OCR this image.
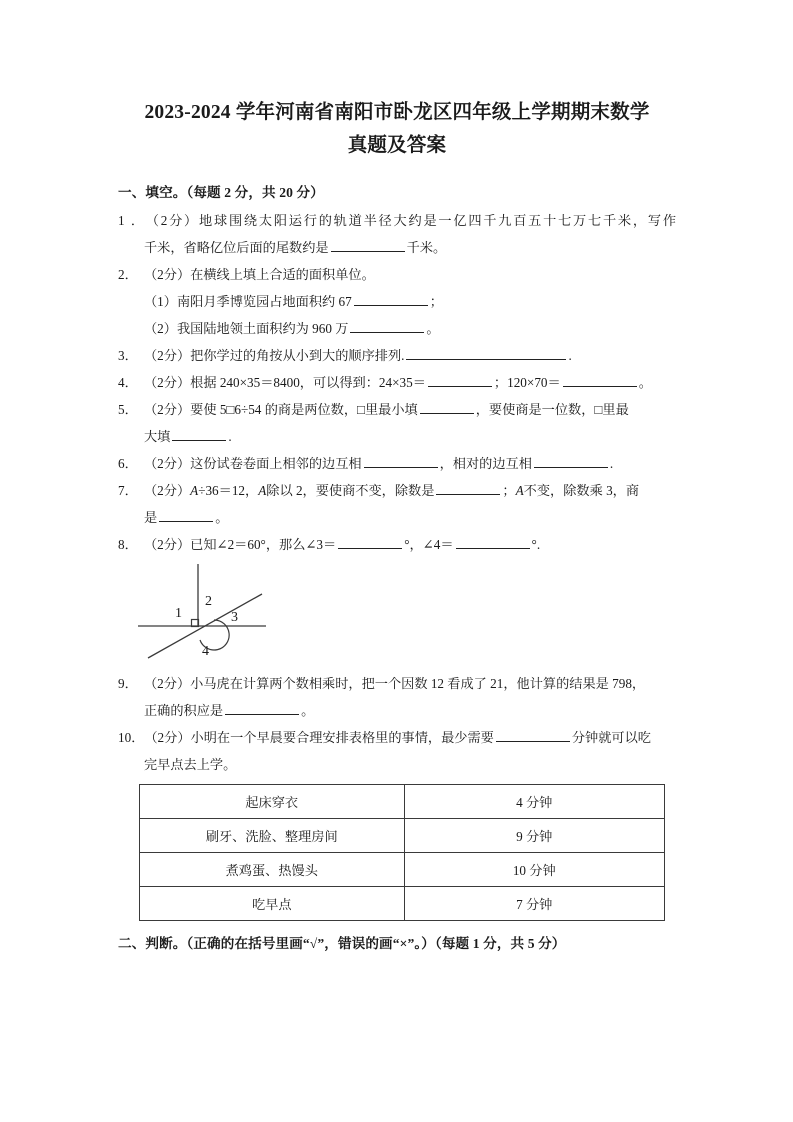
2023-2024 学年河南省南阳市卧龙区四年级上学期期末数学
真题及答案
一、填空。（每题 2 分，共 20 分）
1．（2分）地球围绕太阳运行的轨道半径大约是一亿四千九百五十七万七千米，写作
千米，省略亿位后面的尾数约是	千米。
2． （2分）在横线上填上合适的面积单位。
（1）南阳月季博览园占地面积约 67	；
（2）我国陆地领土面积约为 960 万	。
3． （2分）把你学过的角按从小到大的顺序排列.	.
4． （2分）根据 240×35＝8400，可以得到：24×35＝	；120×70＝	。
5． （2分）要使 5□6÷54 的商是两位数，□里最小填	，要使商是一位数，□里最
大填	.
6． （2分）这份试卷卷面上相邻的边互相	，相对的边互相	.
7． （2分）A÷36＝12，A除以 2，要使商不变，除数是	；A不变，除数乘 3，商
是	。
8． （2分）已知∠2＝60°，那么∠3＝	°，∠4＝	°.
1
2
3
4
9． （2分）小马虎在计算两个数相乘时，把一个因数 12 看成了 21，他计算的结果是 798，
正确的积应是	。
10．（2分）小明在一个早晨要合理安排表格里的事情，最少需要	分钟就可以吃
完早点去上学。
起床穿衣	4 分钟
刷牙、洗脸、整理房间	9 分钟
煮鸡蛋、热馒头	10 分钟
吃早点	7 分钟
二、判断。（正确的在括号里画“√”，错误的画“×”。）（每题 1 分，共 5 分）
